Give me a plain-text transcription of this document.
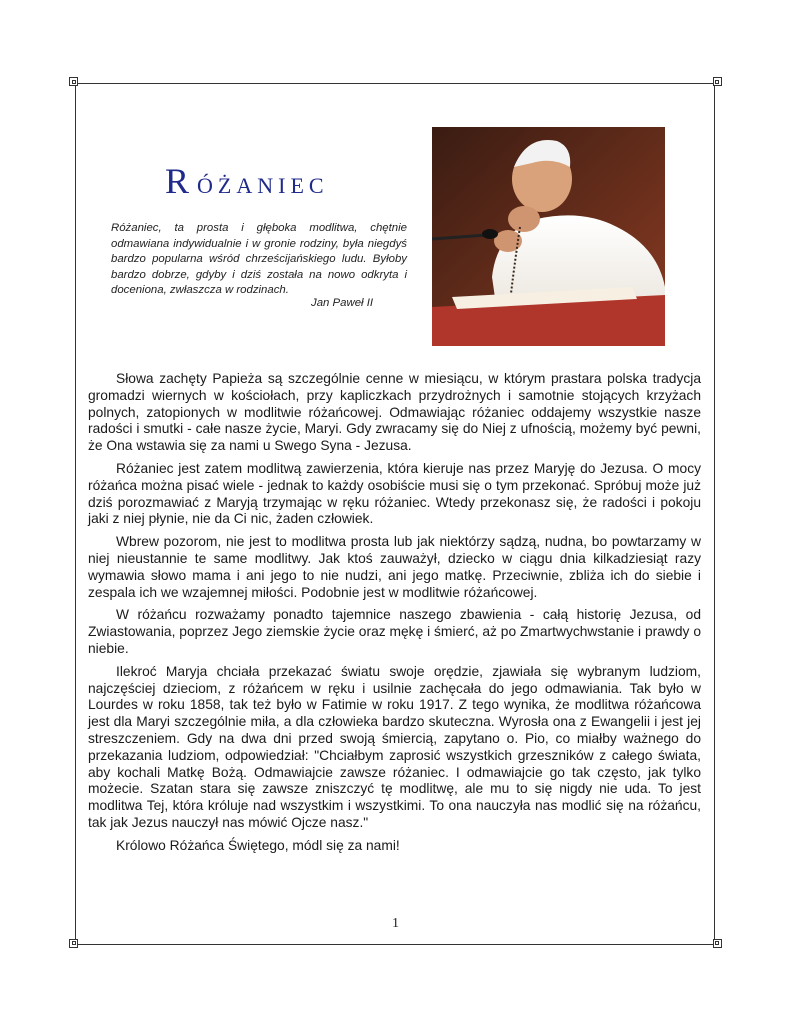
RÓŻANIEC
Różaniec, ta prosta i głęboka modlitwa, chętnie odmawiana indywidualnie i w gronie rodziny, była niegdyś bardzo popularna wśród chrześcijańskiego ludu. Byłoby bardzo dobrze, gdyby i dziś została na nowo odkryta i doceniona, zwłaszcza w rodzinach.
Jan Paweł II

Słowa zachęty Papieża są szczególnie cenne w miesiącu, w którym prastara polska tradycja gromadzi wiernych w kościołach, przy kapliczkach przydrożnych i samotnie stojących krzyżach polnych, zatopionych w modlitwie różańcowej. Odmawiając różaniec oddajemy wszystkie nasze radości i smutki - całe nasze życie, Maryi. Gdy zwracamy się do Niej z ufnością, możemy być pewni, że Ona wstawia się za nami u Swego Syna - Jezusa.

Różaniec jest zatem modlitwą zawierzenia, która kieruje nas przez Maryję do Jezusa. O mocy różańca można pisać wiele - jednak to każdy osobiście musi się o tym przekonać. Spróbuj może już dziś porozmawiać z Maryją trzymając w ręku różaniec. Wtedy przekonasz się, że radości i pokoju jaki z niej płynie, nie da Ci nic, żaden człowiek.

Wbrew pozorom, nie jest to modlitwa prosta lub jak niektórzy sądzą, nudna, bo powtarzamy w niej nieustannie te same modlitwy. Jak ktoś zauważył, dziecko w ciągu dnia kilkadziesiąt razy wymawia słowo mama i ani jego to nie nudzi, ani jego matkę. Przeciwnie, zbliża ich do siebie i zespala ich we wzajemnej miłości. Podobnie jest w modlitwie różańcowej.

W różańcu rozważamy ponadto tajemnice naszego zbawienia - całą historię Jezusa, od Zwiastowania, poprzez Jego ziemskie życie oraz mękę i śmierć, aż po Zmartwychwstanie i prawdy o niebie.

Ilekroć Maryja chciała przekazać światu swoje orędzie, zjawiała się wybranym ludziom, najczęściej dzieciom, z różańcem w ręku i usilnie zachęcała do jego odmawiania. Tak było w Lourdes w roku 1858, tak też było w Fatimie w roku 1917. Z tego wynika, że modlitwa różańcowa jest dla Maryi szczególnie miła, a dla człowieka bardzo skuteczna. Wyrosła ona z Ewangelii i jest jej streszczeniem. Gdy na dwa dni przed swoją śmiercią, zapytano o. Pio, co miałby ważnego do przekazania ludziom, odpowiedział: "Chciałbym zaprosić wszystkich grzeszników z całego świata, aby kochali Matkę Bożą. Odmawiajcie zawsze różaniec. I odmawiajcie go tak często, jak tylko możecie. Szatan stara się zawsze zniszczyć tę modlitwę, ale mu to się nigdy nie uda. To jest modlitwa Tej, która króluje nad wszystkim i wszystkimi. To ona nauczyła nas modlić się na różańcu, tak jak Jezus nauczył nas mówić Ojcze nasz."

Królowo Różańca Świętego, módl się za nami!

1
